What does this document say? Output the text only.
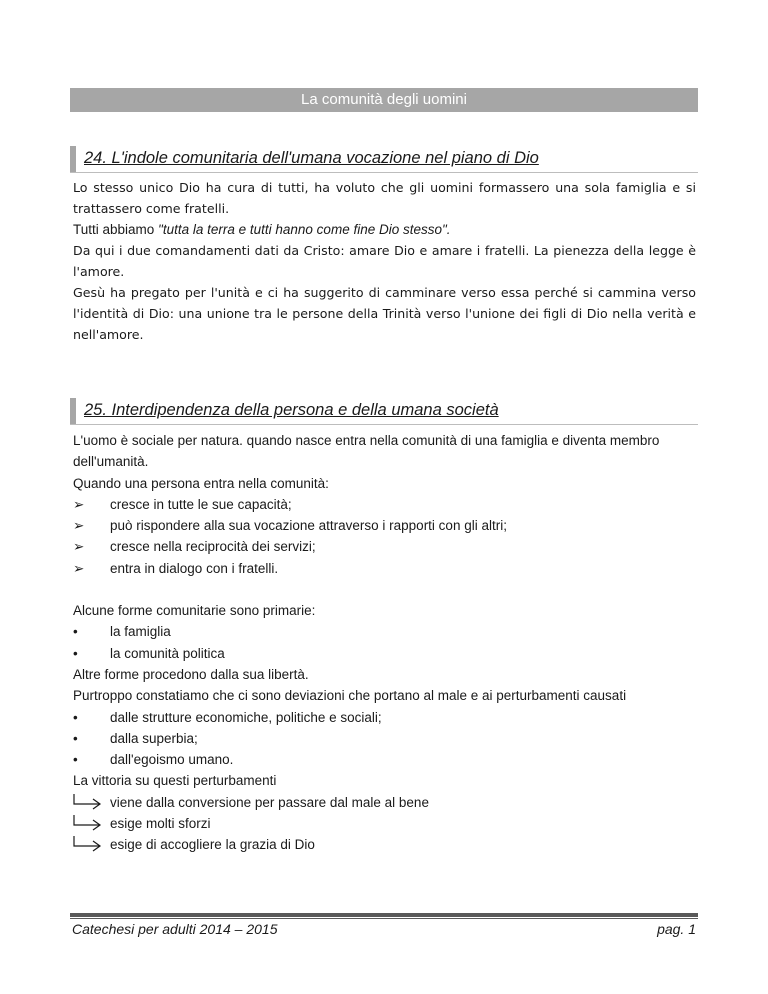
La comunità degli uomini
24. L'indole comunitaria dell'umana vocazione nel piano di Dio

Lo stesso unico Dio ha cura di tutti, ha voluto che gli uomini formassero una sola famiglia e si trattassero come fratelli.

Tutti abbiamo "tutta la terra e tutti hanno come fine Dio stesso".

Da qui i due comandamenti dati da Cristo: amare Dio e amare i fratelli. La pienezza della legge è l'amore.

Gesù ha pregato per l'unità e ci ha suggerito di camminare verso essa perché si cammina verso l'identità di Dio: una unione tra le persone della Trinità verso l'unione dei figli di Dio nella verità e nell'amore.

25. Interdipendenza della persona e della umana società

L'uomo è sociale per natura. quando nasce entra nella comunità di una famiglia e diventa membro dell'umanità.

Quando una persona entra nella comunità:

➢	cresce in tutte le sue capacità;
➢	può rispondere alla sua vocazione attraverso i rapporti con gli altri;
➢	cresce nella reciprocità dei servizi;
➢	entra in dialogo con i fratelli.

Alcune forme comunitarie sono primarie:

•	la famiglia
•	la comunità politica

Altre forme procedono dalla sua libertà.

Purtroppo constatiamo che ci sono deviazioni che portano al male e ai perturbamenti causati

•	dalle strutture economiche, politiche e sociali;
•	dalla superbia;
•	dall'egoismo umano.

La vittoria su questi perturbamenti

viene dalla conversione per passare dal male al bene
esige molti sforzi
esige di accogliere la grazia di Dio
Catechesi per adulti 2014 – 2015	pag. 1
